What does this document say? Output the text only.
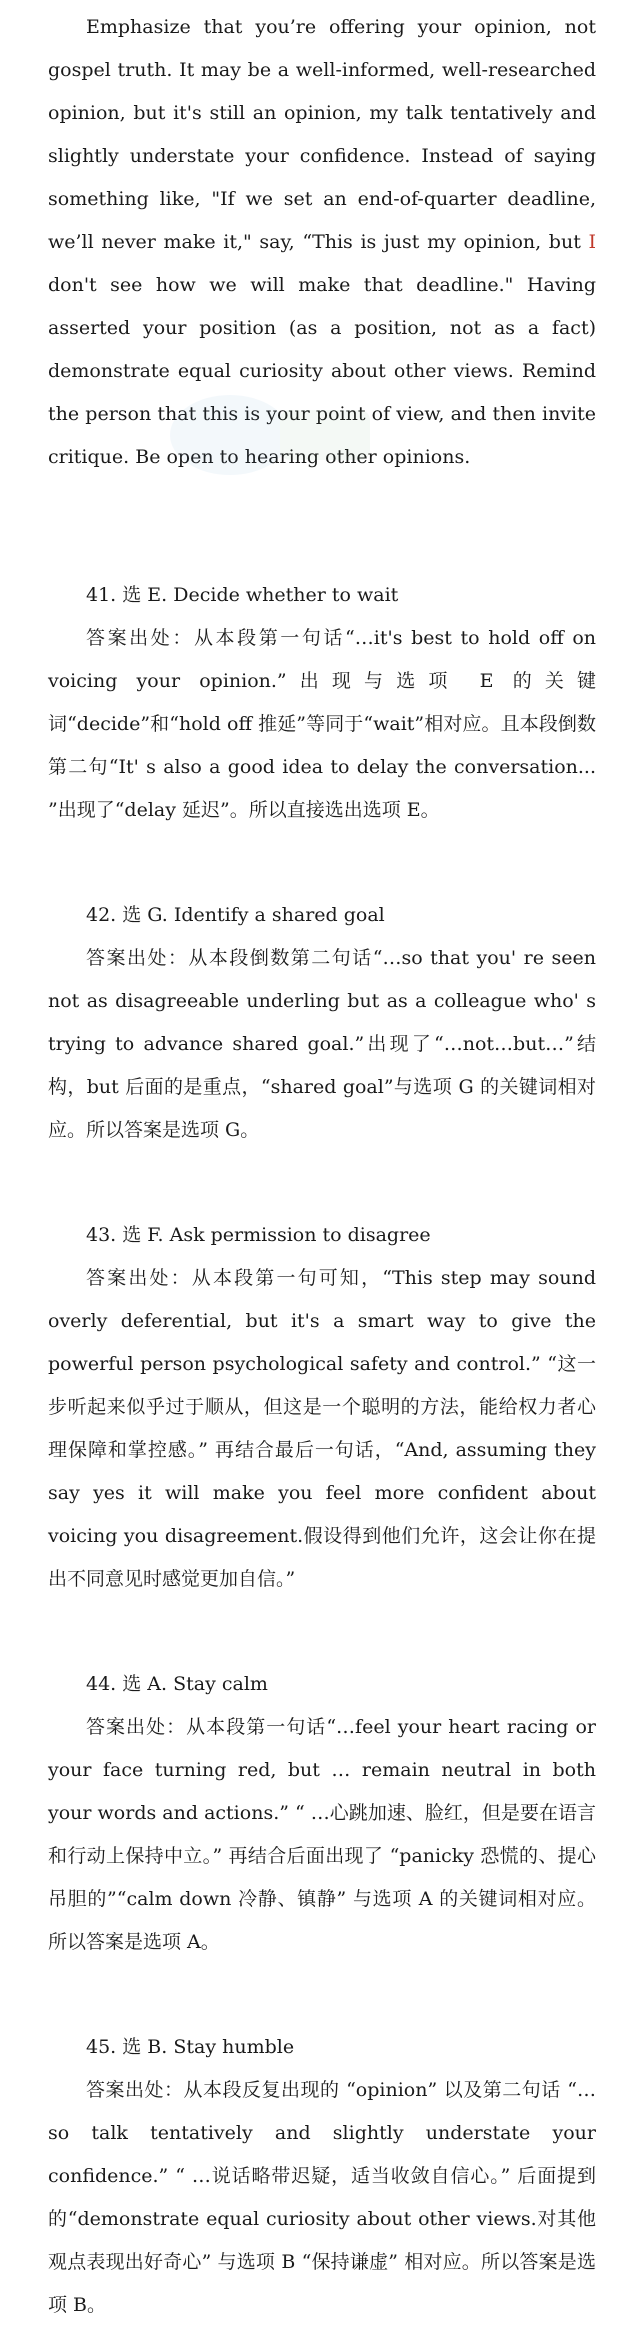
Emphasize that you’re offering your opinion, not gospel truth. It may be a well-informed, well-researched opinion, but it's still an opinion, my talk tentatively and slightly understate your confidence. Instead of saying something like, "If we set an end-of-quarter deadline, we’ll never make it," say, “This is just my opinion, but I don't see how we will make that deadline." Having asserted your position (as a position, not as a fact) demonstrate equal curiosity about other views. Remind the person that this is your point of view, and then invite critique. Be open to hearing other opinions.

41. 选 E. Decide whether to wait

答案出处：从本段第一句话“…it's best to hold off on voicing your opinion.”出现与选项 E 的关键词“decide”和“hold off 推延”等同于“wait”相对应。且本段倒数第二句“It' s also a good idea to delay the conversation... ”出现了“delay 延迟”。所以直接选出选项 E。

42. 选 G. Identify a shared goal

答案出处：从本段倒数第二句话“…so that you' re seen not as disagreeable underling but as a colleague who' s trying to advance shared goal.”出现了“…not…but…”结构，but 后面的是重点，“shared goal”与选项 G 的关键词相对应。所以答案是选项 G。

43. 选 F. Ask permission to disagree

答案出处：从本段第一句可知，“This step may sound overly deferential, but it's a smart way to give the powerful person psychological safety and control.” “这一步听起来似乎过于顺从，但这是一个聪明的方法，能给权力者心理保障和掌控感。” 再结合最后一句话，“And, assuming they say yes it will make you feel more confident about voicing you disagreement.假设得到他们允许，这会让你在提出不同意见时感觉更加自信。”

44. 选 A. Stay calm

答案出处：从本段第一句话“…feel your heart racing or your face turning red, but … remain neutral in both your words and actions.” “ …心跳加速、脸红，但是要在语言和行动上保持中立。” 再结合后面出现了 “panicky 恐慌的、提心吊胆的”“calm down 冷静、镇静” 与选项 A 的关键词相对应。所以答案是选项 A。

45. 选 B. Stay humble

答案出处：从本段反复出现的 “opinion” 以及第二句话 “…so talk tentatively and slightly understate your confidence.” “ …说话略带迟疑，适当收敛自信心。” 后面提到的“demonstrate equal curiosity about other views.对其他观点表现出好奇心” 与选项 B “保持谦虚” 相对应。所以答案是选项 B。
